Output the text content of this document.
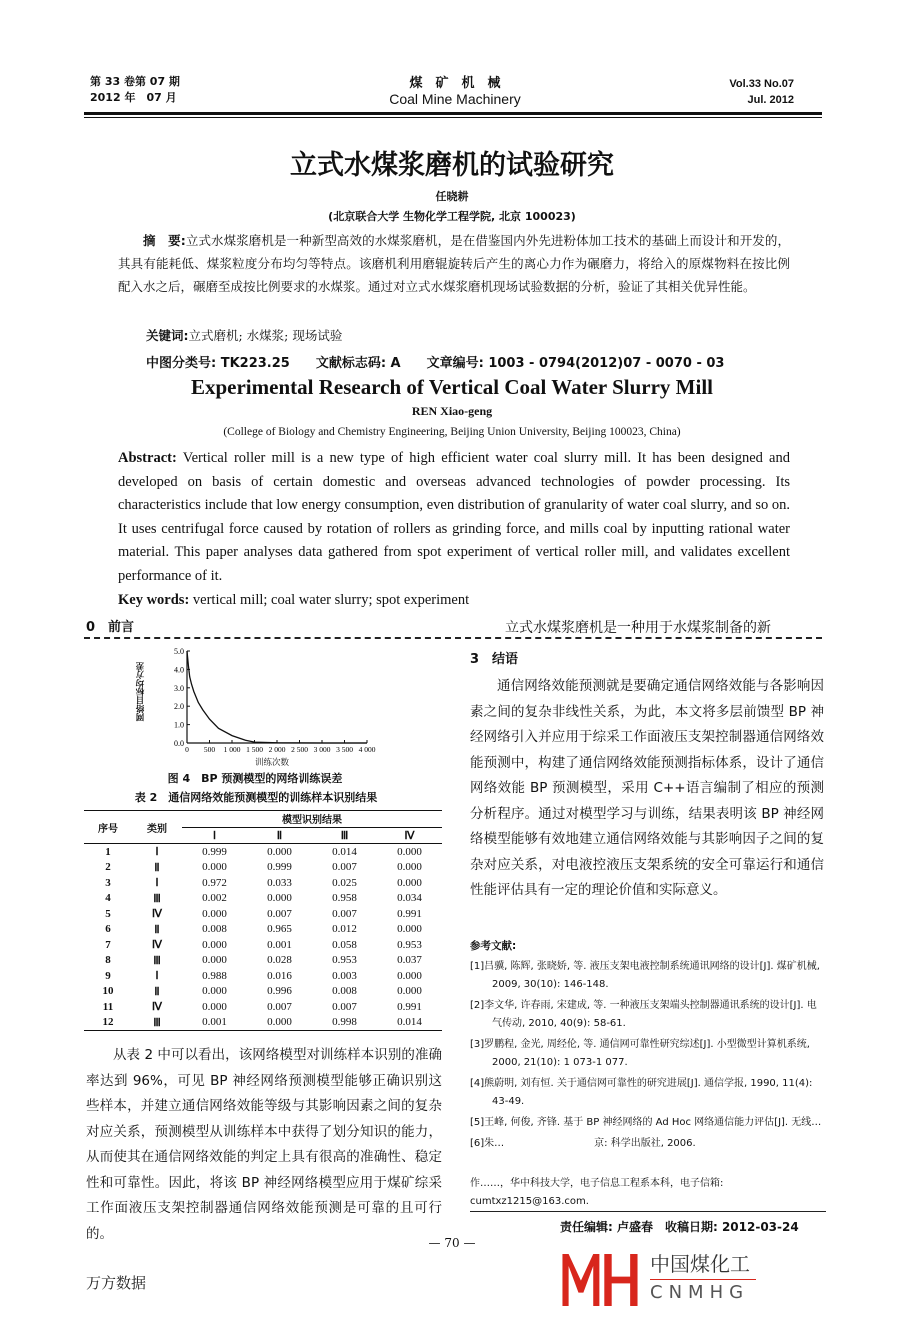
第 33 卷第 07 期
2012 年　07 月
煤　矿　机　械
Coal Mine Machinery
Vol.33 No.07
Jul. 2012
立式水煤浆磨机的试验研究
任晓耕
(北京联合大学 生物化学工程学院, 北京 100023)
摘　要:立式水煤浆磨机是一种新型高效的水煤浆磨机，是在借鉴国内外先进粉体加工技术的基础上而设计和开发的，其具有能耗低、煤浆粒度分布均匀等特点。该磨机利用磨辊旋转后产生的离心力作为碾磨力，将给入的原煤物料在按比例配入水之后，碾磨至成按比例要求的水煤浆。通过对立式水煤浆磨机现场试验数据的分析，验证了其相关优异性能。
关键词:立式磨机; 水煤浆; 现场试验
中图分类号: TK223.25　　文献标志码: A　　文章编号: 1003 - 0794(2012)07 - 0070 - 03
Experimental Research of Vertical Coal Water Slurry Mill
REN Xiao-geng
(College of Biology and Chemistry Engineering, Beijing Union University, Beijing 100023, China)
Abstract: Vertical roller mill is a new type of high efficient water coal slurry mill. It has been designed and developed on basis of certain domestic and overseas advanced technologies of powder processing. Its characteristics include that low energy consumption, even distribution of granularity of water coal slurry, and so on. It uses centrifugal force caused by rotation of rollers as grinding force, and mills coal by inputting rational water material. This paper analyses data gathered from spot experiment of vertical roller mill, and validates excellent performance of it.
Key words: vertical mill; coal water slurry; spot experiment
0　前言	立式水煤浆磨机是一种用于水煤浆制备的新
0.0
1.0
2.0
3.0
4.0
5.0
0 500 1 000 1 500 2 000 2 500 3 000 3 500 4 000
网络目标均方差
训练次数
图 4　BP 预测模型的网络训练误差
表 2　通信网络效能预测模型的训练样本识别结果
序号	类别	模型识别结果			
		Ⅰ	Ⅱ	Ⅲ	Ⅳ
1	Ⅰ	0.999	0.000	0.014	0.000
2	Ⅱ	0.000	0.999	0.007	0.000
3	Ⅰ	0.972	0.033	0.025	0.000
4	Ⅲ	0.002	0.000	0.958	0.034
5	Ⅳ	0.000	0.007	0.007	0.991
6	Ⅱ	0.008	0.965	0.012	0.000
7	Ⅳ	0.000	0.001	0.058	0.953
8	Ⅲ	0.000	0.028	0.953	0.037
9	Ⅰ	0.988	0.016	0.003	0.000
10	Ⅱ	0.000	0.996	0.008	0.000
11	Ⅳ	0.000	0.007	0.007	0.991
12	Ⅲ	0.001	0.000	0.998	0.014
从表 2 中可以看出，该网络模型对训练样本识别的准确率达到 96%，可见 BP 神经网络预测模型能够正确识别这些样本，并建立通信网络效能等级与其影响因素之间的复杂对应关系，预测模型从训练样本中获得了划分知识的能力，从而使其在通信网络效能的判定上具有很高的准确性、稳定性和可靠性。因此，将该 BP 神经网络模型应用于煤矿综采工作面液压支架控制器通信网络效能预测是可靠的且可行的。
3　结语
通信网络效能预测就是要确定通信网络效能与各影响因素之间的复杂非线性关系，为此，本文将多层前馈型 BP 神经网络引入并应用于综采工作面液压支架控制器通信网络效能预测中，构建了通信网络效能预测指标体系，设计了通信网络效能 BP 预测模型，采用 C++语言编制了相应的预测分析程序。通过对模型学习与训练，结果表明该 BP 神经网络模型能够有效地建立通信网络效能与其影响因子之间的复杂对应关系，对电液控液压支架系统的安全可靠运行和通信性能评估具有一定的理论价值和实际意义。
参考文献:
[1]吕骥, 陈辉, 张晓娇, 等. 液压支架电液控制系统通讯网络的设计[J]. 煤矿机械, 2009, 30(10): 146-148.
[2]李文华, 许春雨, 宋建成, 等. 一种液压支架端头控制器通讯系统的设计[J]. 电气传动, 2010, 40(9): 58-61.
[3]罗鹏程, 金光, 周经伦, 等. 通信网可靠性研究综述[J]. 小型微型计算机系统, 2000, 21(10): 1 073-1 077.
[4]熊蔚明, 刘有恒. 关于通信网可靠性的研究进展[J]. 通信学报, 1990, 11(4): 43-49.
[5]王峰, 何俊, 齐锋. 基于 BP 神经网络的 Ad Hoc 网络通信能力评估[J]. 无线…
[6]朱…　　　　　　　　　京: 科学出版社, 2006.
作……，华中科技大学，电子信息工程系本科，电子信箱: cumtxz1215@163.com.
责任编辑: 卢盛春　收稿日期: 2012-03-24
中国煤化工
CNMHG
— 70 —
万方数据
